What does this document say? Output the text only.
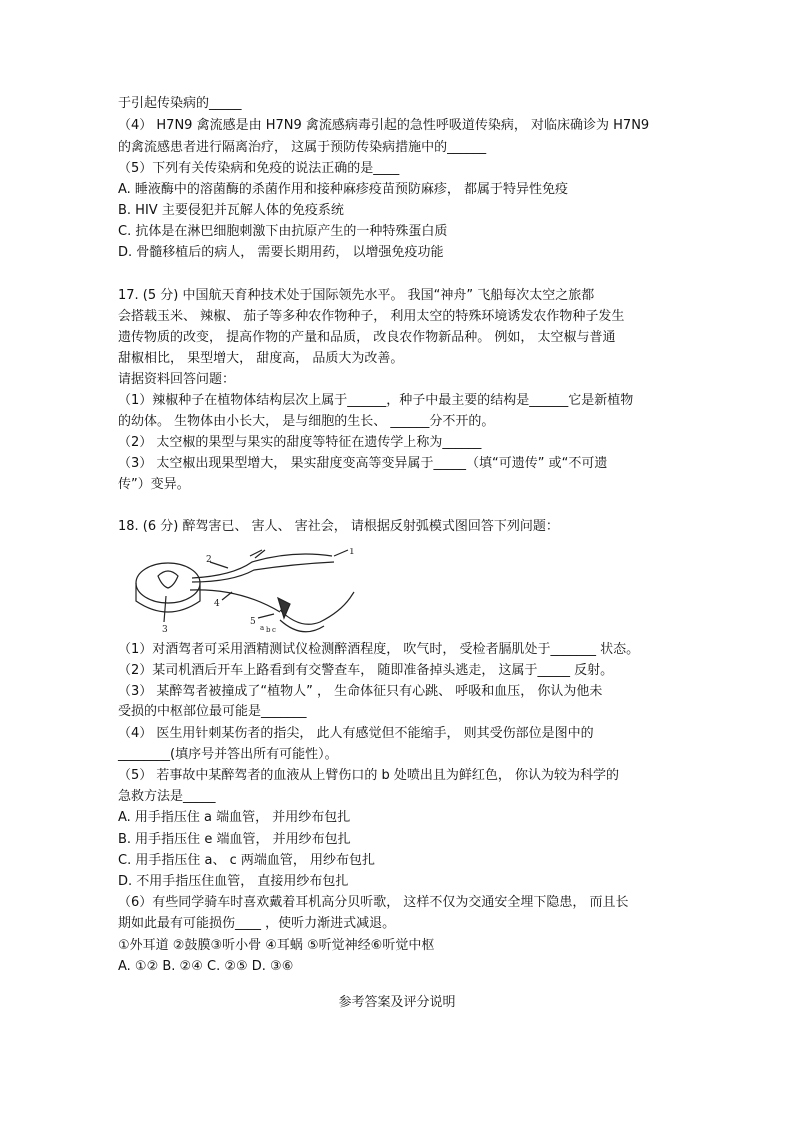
于引起传染病的_____
（4） H7N9 禽流感是由 H7N9 禽流感病毒引起的急性呼吸道传染病， 对临床确诊为 H7N9
的禽流感患者进行隔离治疗， 这属于预防传染病措施中的______
（5）下列有关传染病和免疫的说法正确的是____
A. 睡液酶中的溶菌酶的杀菌作用和接种麻疹疫苗预防麻疹， 都属于特异性免疫
B. HIV 主要侵犯并瓦解人体的免疫系统
C. 抗体是在淋巴细胞刺激下由抗原产生的一种特殊蛋白质
D. 骨髓移植后的病人， 需要长期用药， 以增强免疫功能
17. (5 分) 中国航天育种技术处于国际领先水平。 我国“神舟” 飞船每次太空之旅都
会搭载玉米、 辣椒、 茄子等多种农作物种子， 利用太空的特殊环境诱发农作物种子发生
遗传物质的改变， 提高作物的产量和品质， 改良农作物新品种。 例如， 太空椒与普通
甜椒相比， 果型增大， 甜度高， 品质大为改善。
请据资料回答问题：
（1）辣椒种子在植物体结构层次上属于______，种子中最主要的结构是______它是新植物
的幼体。 生物体由小长大， 是与细胞的生长、 ______分不开的。
（2） 太空椒的果型与果实的甜度等特征在遗传学上称为______
（3） 太空椒出现果型增大， 果实甜度变高等变异属于_____（填“可遗传” 或“不可遗
传”）变异。
18. (6 分) 醉驾害已、 害人、 害社会， 请根据反射弧模式图回答下列问题：
1
2
3
4
5
a b c
（1）对酒驾者可采用酒精测试仪检测醉酒程度， 吹气时， 受检者膈肌处于_______ 状态。
（2）某司机酒后开车上路看到有交警查车， 随即准备掉头逃走， 这属于_____ 反射。
（3） 某醉驾者被撞成了“植物人” ， 生命体征只有心跳、 呼吸和血压， 你认为他未
受损的中枢部位最可能是_______
（4） 医生用针刺某伤者的指尖， 此人有感觉但不能缩手， 则其受伤部位是图中的
________(填序号并答出所有可能性）。
（5） 若事故中某醉驾者的血液从上臂伤口的 b 处喷出且为鲜红色， 你认为较为科学的
急救方法是_____
A. 用手指压住 a 端血管， 并用纱布包扎
B. 用手指压住 e 端血管， 并用纱布包扎
C. 用手指压住 a、 c 两端血管， 用纱布包扎
D. 不用手指压住血管， 直接用纱布包扎
（6）有些同学骑车时喜欢戴着耳机高分贝听歌， 这样不仅为交通安全埋下隐患， 而且长
期如此最有可能损伤____ ，使听力渐进式减退。
①外耳道 ②鼓膜③听小骨 ④耳蜗 ⑤听觉神经⑥听觉中枢
A. ①② B. ②④ C. ②⑤ D. ③⑥
参考答案及评分说明
